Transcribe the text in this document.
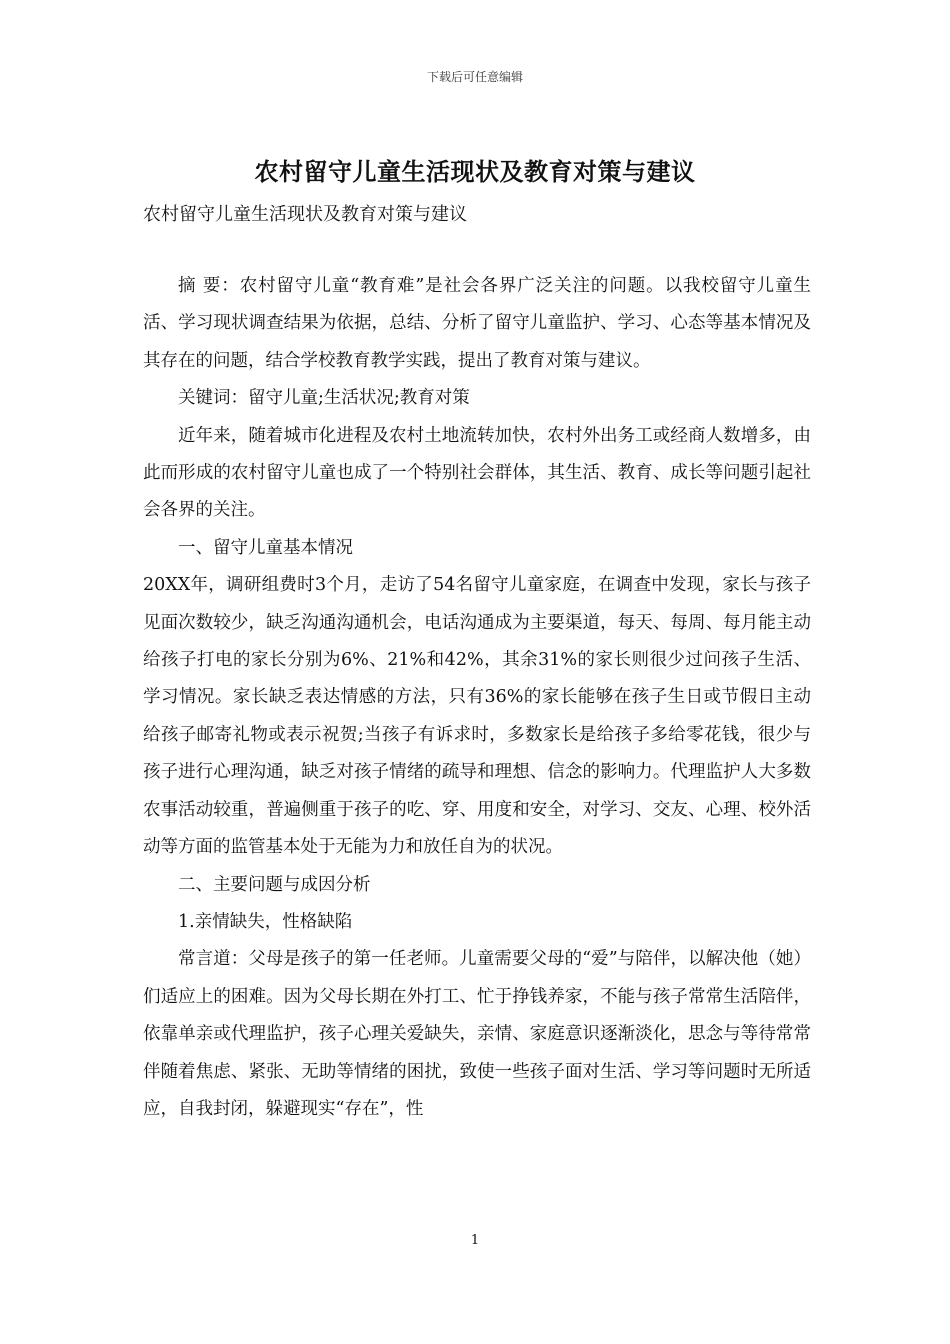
下载后可任意编辑
农村留守儿童生活现状及教育对策与建议
农村留守儿童生活现状及教育对策与建议

摘 要：农村留守儿童“教育难”是社会各界广泛关注的问题。以我校留守儿童生活、学习现状调查结果为依据，总结、分析了留守儿童监护、学习、心态等基本情况及其存在的问题，结合学校教育教学实践，提出了教育对策与建议。

关键词：留守儿童;生活状况;教育对策

近年来，随着城市化进程及农村土地流转加快，农村外出务工或经商人数增多，由此而形成的农村留守儿童也成了一个特别社会群体，其生活、教育、成长等问题引起社会各界的关注。

一、留守儿童基本情况

20XX年，调研组费时3个月，走访了54名留守儿童家庭，在调查中发现，家长与孩子见面次数较少，缺乏沟通沟通机会，电话沟通成为主要渠道，每天、每周、每月能主动给孩子打电的家长分别为6%、21%和42%，其余31%的家长则很少过问孩子生活、学习情况。家长缺乏表达情感的方法，只有36%的家长能够在孩子生日或节假日主动给孩子邮寄礼物或表示祝贺;当孩子有诉求时，多数家长是给孩子多给零花钱，很少与孩子进行心理沟通，缺乏对孩子情绪的疏导和理想、信念的影响力。代理监护人大多数农事活动较重，普遍侧重于孩子的吃、穿、用度和安全，对学习、交友、心理、校外活动等方面的监管基本处于无能为力和放任自为的状况。

二、主要问题与成因分析

1.亲情缺失，性格缺陷

常言道：父母是孩子的第一任老师。儿童需要父母的“爱”与陪伴，以解决他（她）们适应上的困难。因为父母长期在外打工、忙于挣钱养家，不能与孩子常常生活陪伴，依靠单亲或代理监护，孩子心理关爱缺失，亲情、家庭意识逐渐淡化，思念与等待常常伴随着焦虑、紧张、无助等情绪的困扰，致使一些孩子面对生活、学习等问题时无所适应，自我封闭，躲避现实“存在”，性

1
